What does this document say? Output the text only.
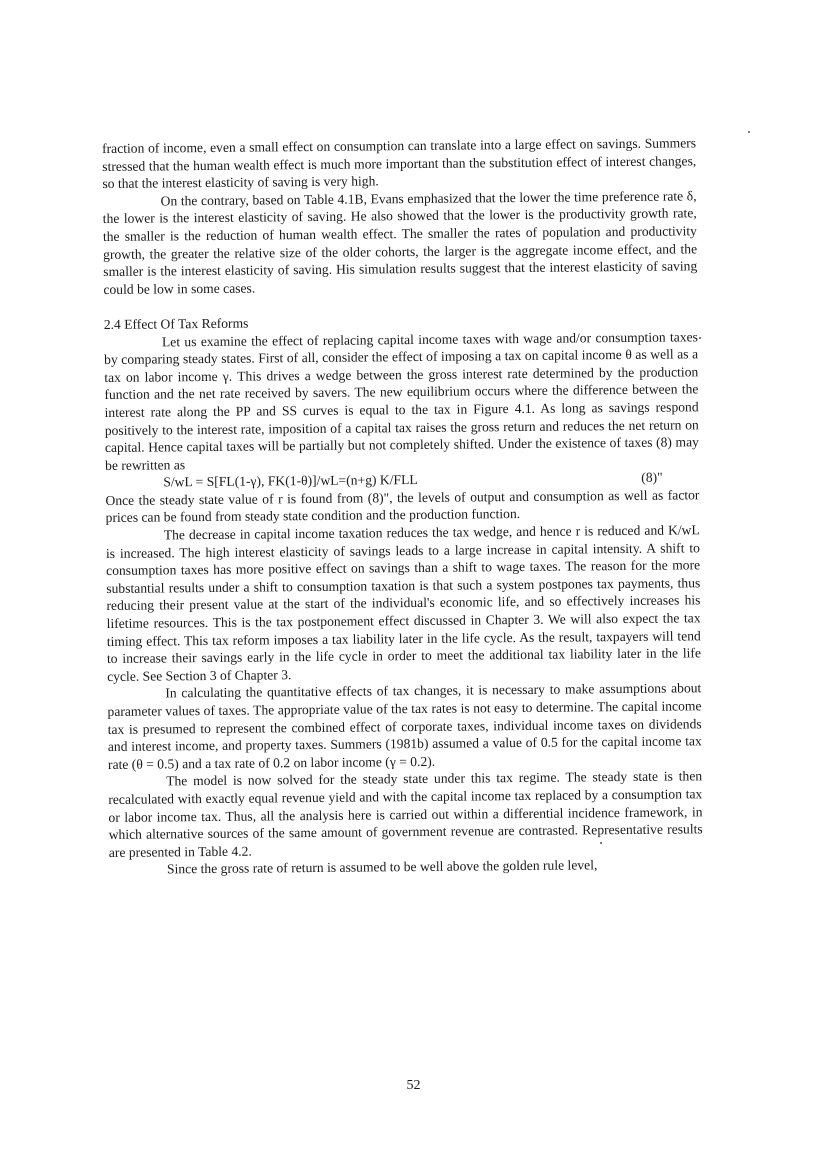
fraction of income, even a small effect on consumption can translate into a large effect on savings. Summers stressed that the human wealth effect is much more important than the substitution effect of interest changes, so that the interest elasticity of saving is very high.

On the contrary, based on Table 4.1B, Evans emphasized that the lower the time preference rate δ, the lower is the interest elasticity of saving. He also showed that the lower is the productivity growth rate, the smaller is the reduction of human wealth effect. The smaller the rates of population and productivity growth, the greater the relative size of the older cohorts, the larger is the aggregate income effect, and the smaller is the interest elasticity of saving. His simulation results suggest that the interest elasticity of saving could be low in some cases.

2.4 Effect Of Tax Reforms

Let us examine the effect of replacing capital income taxes with wage and/or consumption taxes by comparing steady states. First of all, consider the effect of imposing a tax on capital income θ as well as a tax on labor income γ. This drives a wedge between the gross interest rate determined by the production function and the net rate received by savers. The new equilibrium occurs where the difference between the interest rate along the PP and SS curves is equal to the tax in Figure 4.1. As long as savings respond positively to the interest rate, imposition of a capital tax raises the gross return and reduces the net return on capital. Hence capital taxes will be partially but not completely shifted. Under the existence of taxes (8) may be rewritten as

S/wL = S[FL(1-γ), FK(1-θ)]/wL=(n+g) K/FLL	(8)"

Once the steady state value of r is found from (8)", the levels of output and consumption as well as factor prices can be found from steady state condition and the production function.

The decrease in capital income taxation reduces the tax wedge, and hence r is reduced and K/wL is increased. The high interest elasticity of savings leads to a large increase in capital intensity. A shift to consumption taxes has more positive effect on savings than a shift to wage taxes. The reason for the more substantial results under a shift to consumption taxation is that such a system postpones tax payments, thus reducing their present value at the start of the individual's economic life, and so effectively increases his lifetime resources. This is the tax postponement effect discussed in Chapter 3. We will also expect the tax timing effect. This tax reform imposes a tax liability later in the life cycle. As the result, taxpayers will tend to increase their savings early in the life cycle in order to meet the additional tax liability later in the life cycle. See Section 3 of Chapter 3.

In calculating the quantitative effects of tax changes, it is necessary to make assumptions about parameter values of taxes. The appropriate value of the tax rates is not easy to determine. The capital income tax is presumed to represent the combined effect of corporate taxes, individual income taxes on dividends and interest income, and property taxes. Summers (1981b) assumed a value of 0.5 for the capital income tax rate (θ = 0.5) and a tax rate of 0.2 on labor income (γ = 0.2).

The model is now solved for the steady state under this tax regime. The steady state is then recalculated with exactly equal revenue yield and with the capital income tax replaced by a consumption tax or labor income tax. Thus, all the analysis here is carried out within a differential incidence framework, in which alternative sources of the same amount of government revenue are contrasted. Representative results are presented in Table 4.2.

Since the gross rate of return is assumed to be well above the golden rule level,

52
